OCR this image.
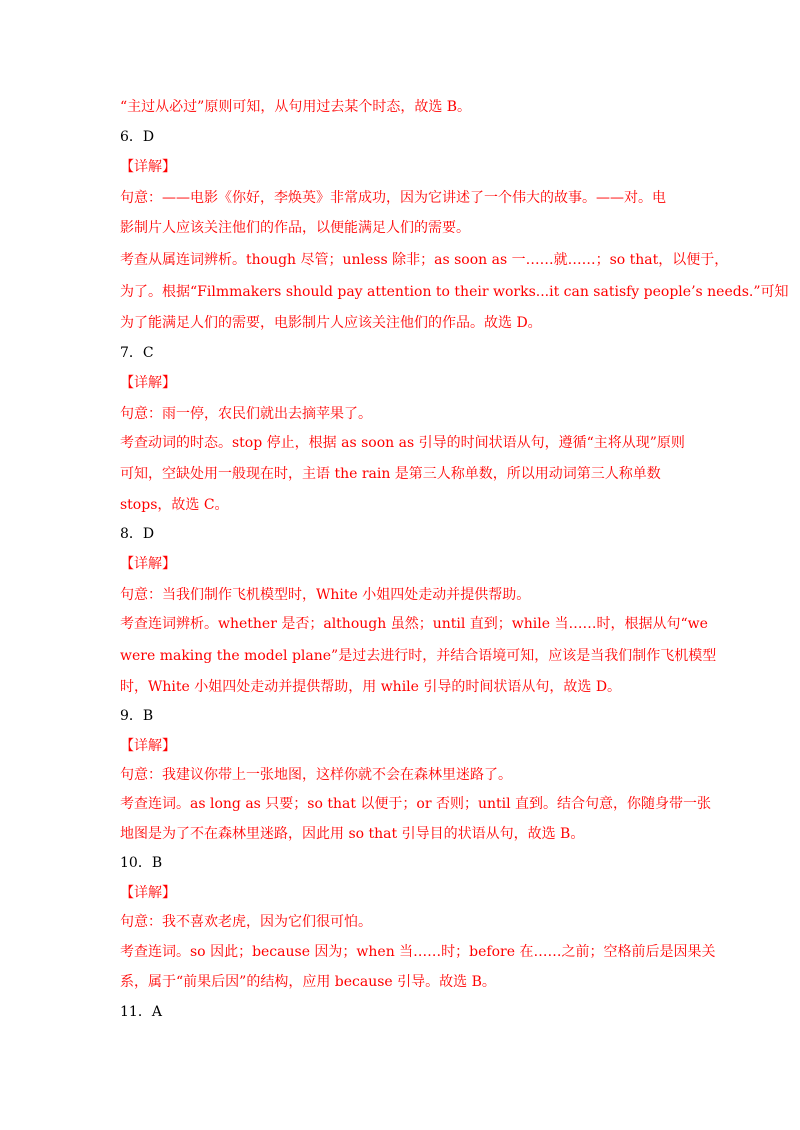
“主过从必过”原则可知，从句用过去某个时态，故选 B。
6．D
【详解】
句意：——电影《你好，李焕英》非常成功，因为它讲述了一个伟大的故事。——对。电
影制片人应该关注他们的作品，以便能满足人们的需要。
考查从属连词辨析。though 尽管；unless 除非；as soon as 一……就……；so that，以便于，
为了。根据“Filmmakers should pay attention to their works...it can satisfy people’s needs.”可知
为了能满足人们的需要，电影制片人应该关注他们的作品。故选 D。
7．C
【详解】
句意：雨一停，农民们就出去摘苹果了。
考查动词的时态。stop 停止，根据 as soon as 引导的时间状语从句，遵循“主将从现”原则
可知，空缺处用一般现在时，主语 the rain 是第三人称单数，所以用动词第三人称单数
stops，故选 C。
8．D
【详解】
句意：当我们制作飞机模型时，White 小姐四处走动并提供帮助。
考查连词辨析。whether 是否；although 虽然；until 直到；while 当……时，根据从句“we
were making the model plane”是过去进行时，并结合语境可知，应该是当我们制作飞机模型
时，White 小姐四处走动并提供帮助，用 while 引导的时间状语从句，故选 D。
9．B
【详解】
句意：我建议你带上一张地图，这样你就不会在森林里迷路了。
考查连词。as long as 只要；so that 以便于；or 否则；until 直到。结合句意，你随身带一张
地图是为了不在森林里迷路，因此用 so that 引导目的状语从句，故选 B。
10．B
【详解】
句意：我不喜欢老虎，因为它们很可怕。
考查连词。so 因此；because 因为；when 当……时；before 在……之前；空格前后是因果关
系，属于“前果后因”的结构，应用 because 引导。故选 B。
11．A
